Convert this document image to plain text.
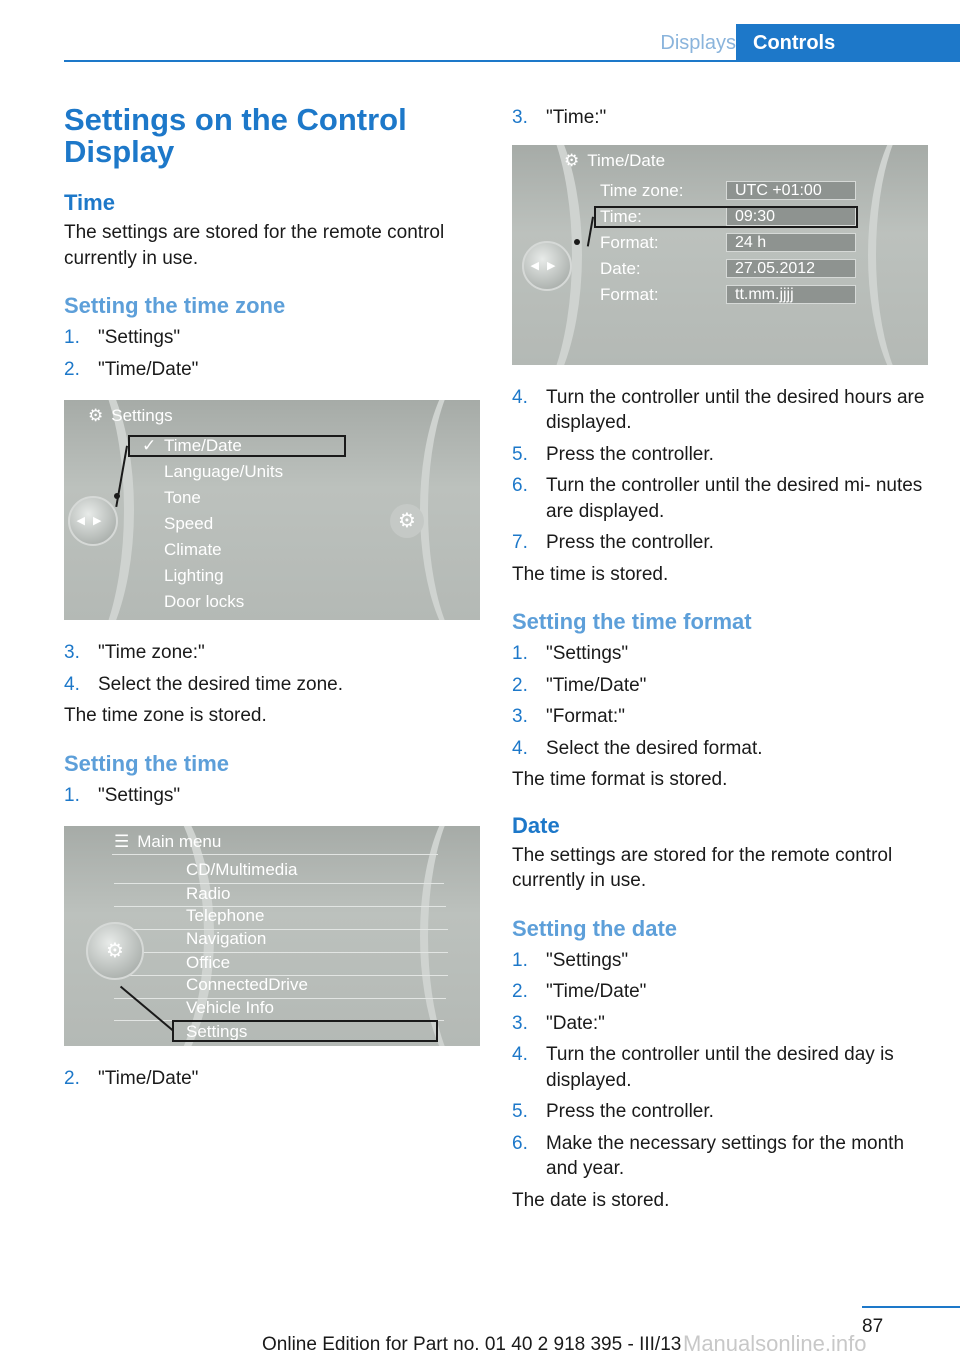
Displays Controls
Settings on the Control Display
Time
The settings are stored for the remote control currently in use.
Setting the time zone
1. "Settings"
2. "Time/Date"
⚙ Settings
✓ Time/Date
Language/Units
Tone
Speed
Climate
Lighting
Door locks
◀▶	⚙
3. "Time zone:"
4. Select the desired time zone.
The time zone is stored.
Setting the time
1. "Settings"
☰ Main menu
CD/Multimedia
Radio
Telephone
Navigation
Office
ConnectedDrive
Vehicle Info
Settings
⚙
2. "Time/Date"
3. "Time:"
⚙ Time/Date
Time zone:	UTC +01:00
Time:	09:30
Format:	24 h
Date:	27.05.2012
Format:	tt.mm.jjjj
◀▶
4. Turn the controller until the desired hours are displayed.
5. Press the controller.
6. Turn the controller until the desired mi‐ nutes are displayed.
7. Press the controller.
The time is stored.
Setting the time format
1. "Settings"
2. "Time/Date"
3. "Format:"
4. Select the desired format.
The time format is stored.
Date
The settings are stored for the remote control currently in use.
Setting the date
1. "Settings"
2. "Time/Date"
3. "Date:"
4. Turn the controller until the desired day is displayed.
5. Press the controller.
6. Make the necessary settings for the month and year.
The date is stored.
87
Online Edition for Part no. 01 40 2 918 395 - III/13 Manualsonline.info
